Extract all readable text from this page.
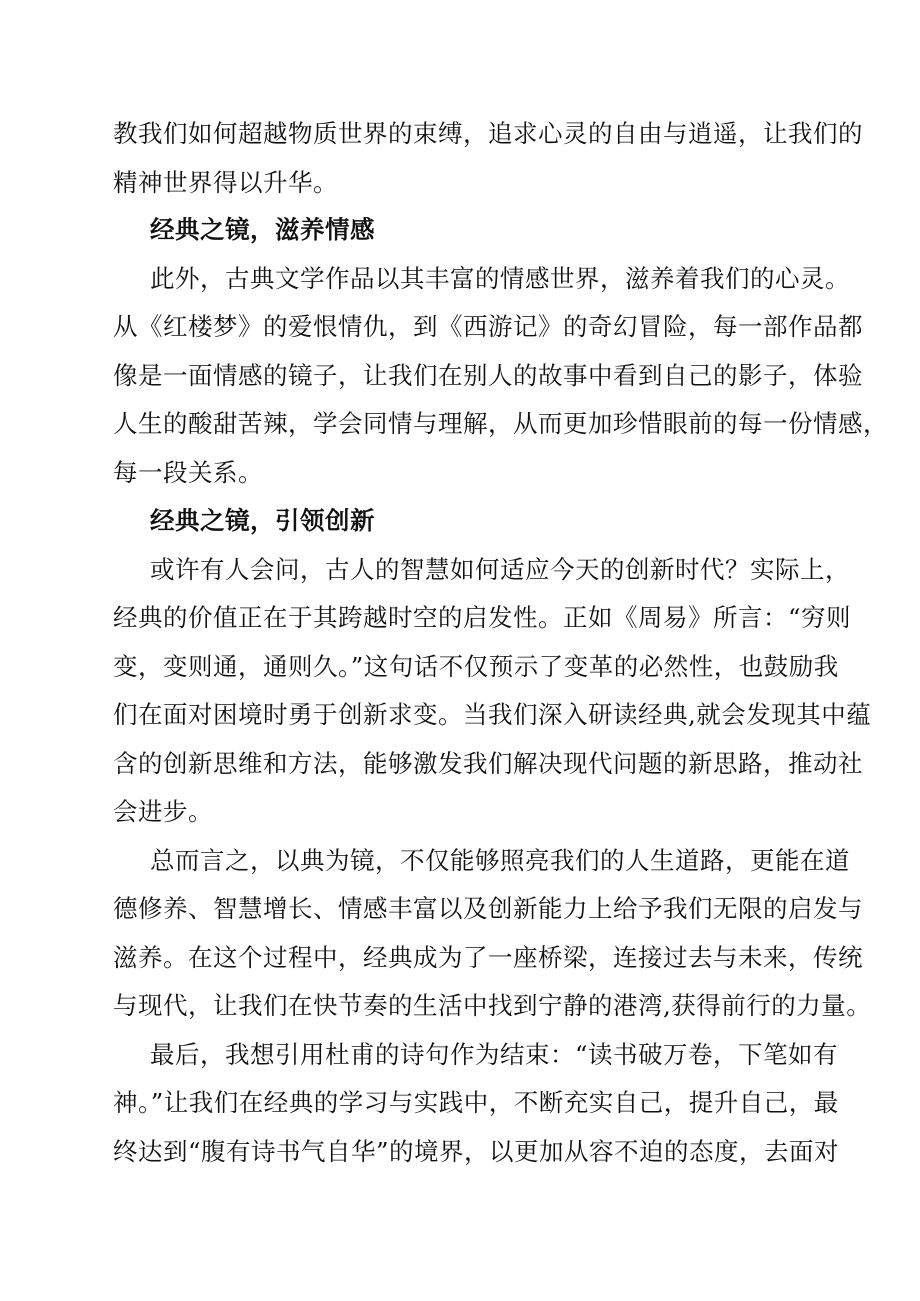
教我们如何超越物质世界的束缚，追求心灵的自由与逍遥，让我们的
精神世界得以升华。
经典之镜，滋养情感
此外，古典文学作品以其丰富的情感世界，滋养着我们的心灵。
从《红楼梦》的爱恨情仇，到《西游记》的奇幻冒险，每一部作品都
像是一面情感的镜子，让我们在别人的故事中看到自己的影子，体验
人生的酸甜苦辣，学会同情与理解，从而更加珍惜眼前的每一份情感，
每一段关系。
经典之镜，引领创新
或许有人会问，古人的智慧如何适应今天的创新时代？实际上，
经典的价值正在于其跨越时空的启发性。正如《周易》所言：“穷则
变，变则通，通则久。”这句话不仅预示了变革的必然性，也鼓励我
们在面对困境时勇于创新求变。当我们深入研读经典,就会发现其中蕴
含的创新思维和方法，能够激发我们解决现代问题的新思路，推动社
会进步。
总而言之，以典为镜，不仅能够照亮我们的人生道路，更能在道
德修养、智慧增长、情感丰富以及创新能力上给予我们无限的启发与
滋养。在这个过程中，经典成为了一座桥梁，连接过去与未来，传统
与现代，让我们在快节奏的生活中找到宁静的港湾,获得前行的力量。
最后，我想引用杜甫的诗句作为结束：“读书破万卷，下笔如有
神。”让我们在经典的学习与实践中，不断充实自己，提升自己，最
终达到“腹有诗书气自华”的境界，以更加从容不迫的态度，去面对
